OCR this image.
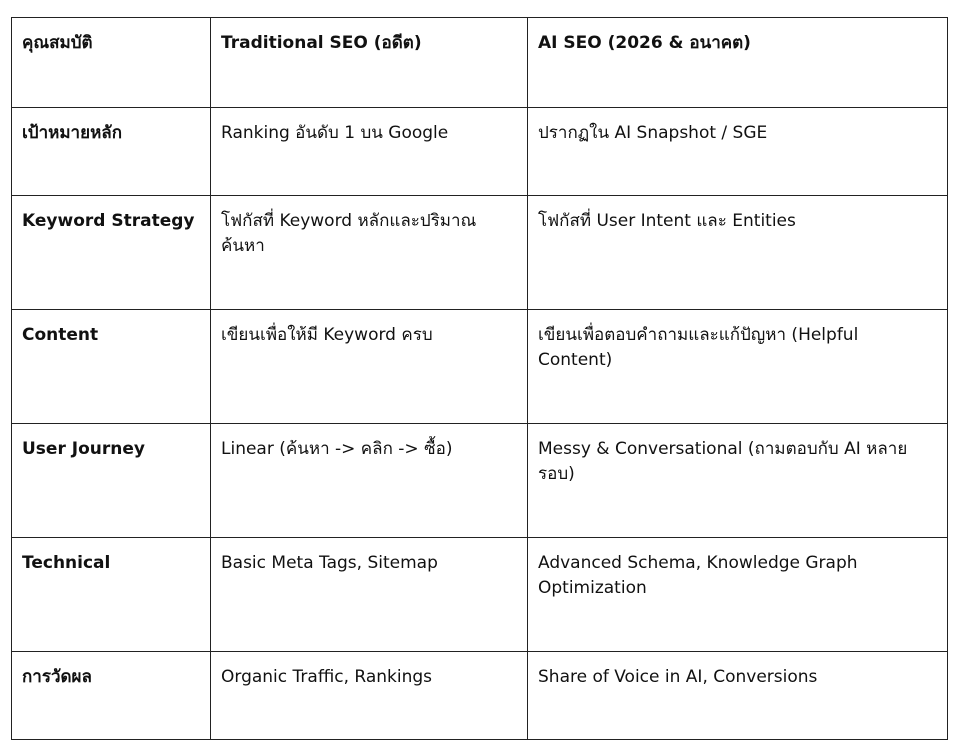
คุณสมบัติ	Traditional SEO (อดีต)	AI SEO (2026 & อนาคต)
เป้าหมายหลัก	Ranking อันดับ 1 บน Google	ปรากฏใน AI Snapshot / SGE
Keyword Strategy	โฟกัสที่ Keyword หลักและปริมาณค้นหา	โฟกัสที่ User Intent และ Entities
Content	เขียนเพื่อให้มี Keyword ครบ	เขียนเพื่อตอบคำถามและแก้ปัญหา (Helpful Content)
User Journey	Linear (ค้นหา -> คลิก -> ซื้อ)	Messy & Conversational (ถามตอบกับ AI หลายรอบ)
Technical	Basic Meta Tags, Sitemap	Advanced Schema, Knowledge Graph Optimization
การวัดผล	Organic Traffic, Rankings	Share of Voice in AI, Conversions
